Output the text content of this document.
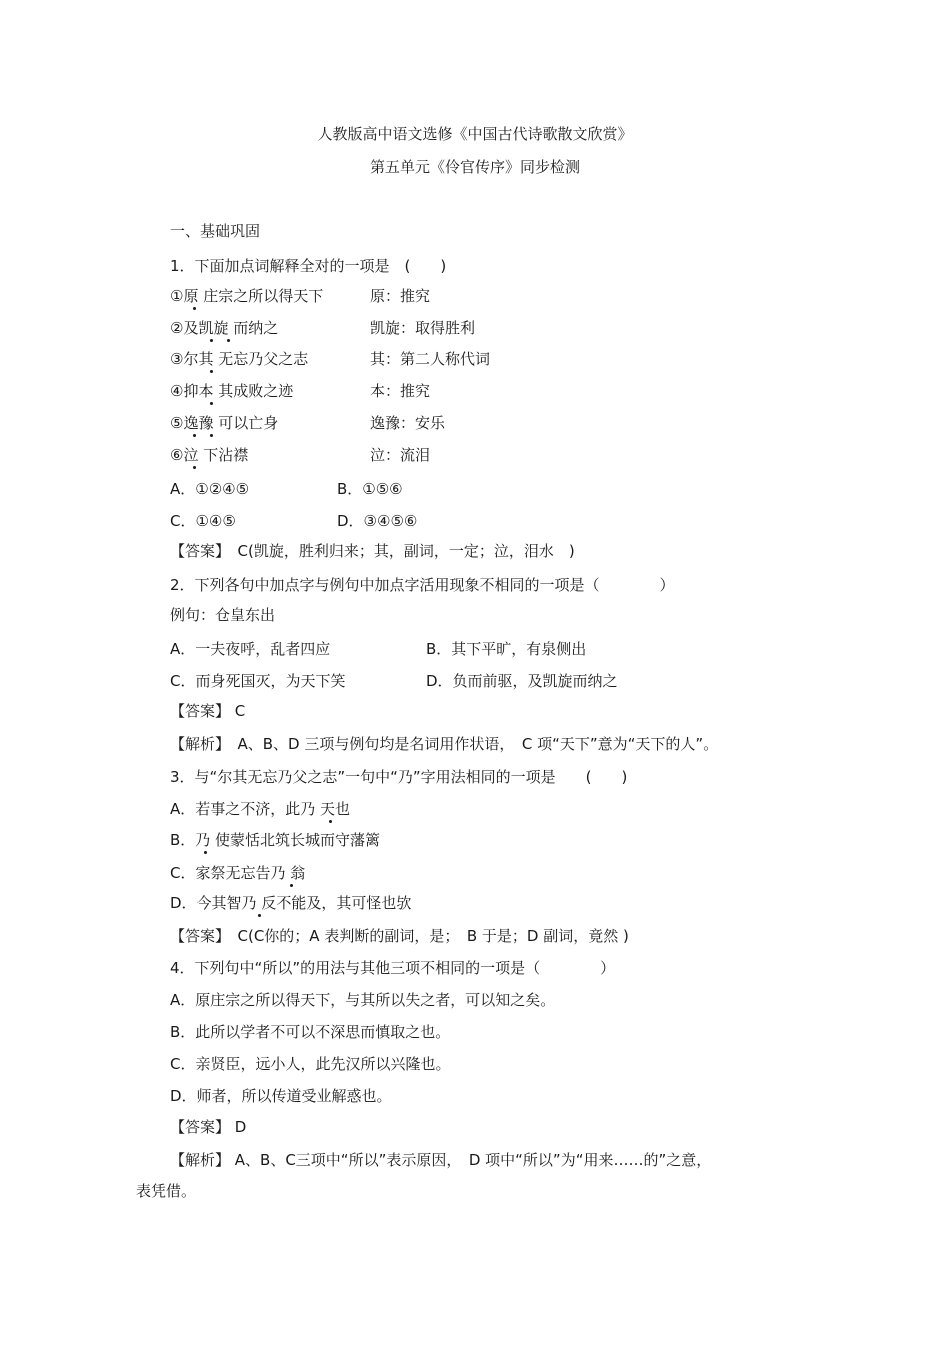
人教版高中语文选修《中国古代诗歌散文欣赏》
第五单元《伶官传序》同步检测
一、基础巩固
1．下面加点词解释全对的一项是　(　　)
①原 庄宗之所以得天下	原：推究
②及凯旋 而纳之	凯旋：取得胜利
③尔其 无忘乃父之志	其：第二人称代词
④抑本 其成败之迹	本：推究
⑤逸豫 可以亡身	逸豫：安乐
⑥泣 下沾襟	泣：流泪
A．①②④⑤	B．①⑤⑥
C．①④⑤	D．③④⑤⑥
【答案】　C(凯旋，胜利归来；其，副词，一定；泣，泪水　)
2．下列各句中加点字与例句中加点字活用现象不相同的一项是（　　　　）
例句：仓皇东出
A．一夫夜呼，乱者四应	B．其下平旷，有泉侧出
C．而身死国灭，为天下笑	D．负而前驱，及凯旋而纳之
【答案】 C
【解析】　A、B、D 三项与例句均是名词用作状语，　C 项“天下”意为“天下的人”。
3．与“尔其无忘乃父之志”一句中“乃”字用法相同的一项是　　(　　)
A．若事之不济，此乃 天也
B．乃 使蒙恬北筑长城而守藩篱
C．家祭无忘告乃 翁
D．今其智乃 反不能及，其可怪也欤
【答案】　C(C你的；A 表判断的副词，是；　B 于是；D 副词，竟然 )
4．下列句中“所以”的用法与其他三项不相同的一项是（　　　　）
A．原庄宗之所以得天下，与其所以失之者，可以知之矣。
B．此所以学者不可以不深思而慎取之也。
C．亲贤臣，远小人，此先汉所以兴隆也。
D．师者，所以传道受业解惑也。
【答案】 D
【解析】 A、B、C三项中“所以”表示原因，　D 项中“所以”为“用来……的”之意，
表凭借。
